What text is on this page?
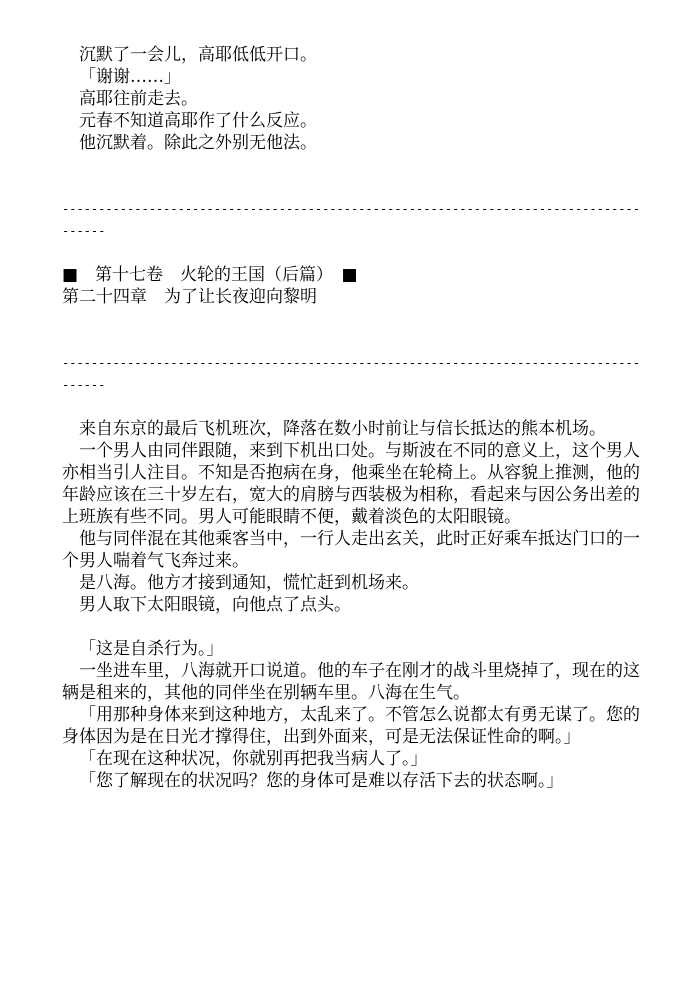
沉默了一会儿，高耶低低开口。

「谢谢……」

高耶往前走去。

元春不知道高耶作了什么反应。

他沉默着。除此之外别无他法。

--------------------------------------------------------------------------------------

■　第十七卷　火轮的王国（后篇）　■

第二十四章　为了让长夜迎向黎明

--------------------------------------------------------------------------------------

来自东京的最后飞机班次，降落在数小时前让与信长抵达的熊本机场。

一个男人由同伴跟随，来到下机出口处。与斯波在不同的意义上，这个男人亦相当引人注目。不知是否抱病在身，他乘坐在轮椅上。从容貌上推测，他的年龄应该在三十岁左右，宽大的肩膀与西装极为相称，看起来与因公务出差的上班族有些不同。男人可能眼睛不便，戴着淡色的太阳眼镜。

他与同伴混在其他乘客当中，一行人走出玄关，此时正好乘车抵达门口的一个男人喘着气飞奔过来。

是八海。他方才接到通知，慌忙赶到机场来。

男人取下太阳眼镜，向他点了点头。

「这是自杀行为。」

一坐进车里，八海就开口说道。他的车子在刚才的战斗里烧掉了，现在的这辆是租来的，其他的同伴坐在别辆车里。八海在生气。

「用那种身体来到这种地方，太乱来了。不管怎么说都太有勇无谋了。您的身体因为是在日光才撑得住，出到外面来，可是无法保证性命的啊。」

「在现在这种状况，你就别再把我当病人了。」

「您了解现在的状况吗？您的身体可是难以存活下去的状态啊。」
